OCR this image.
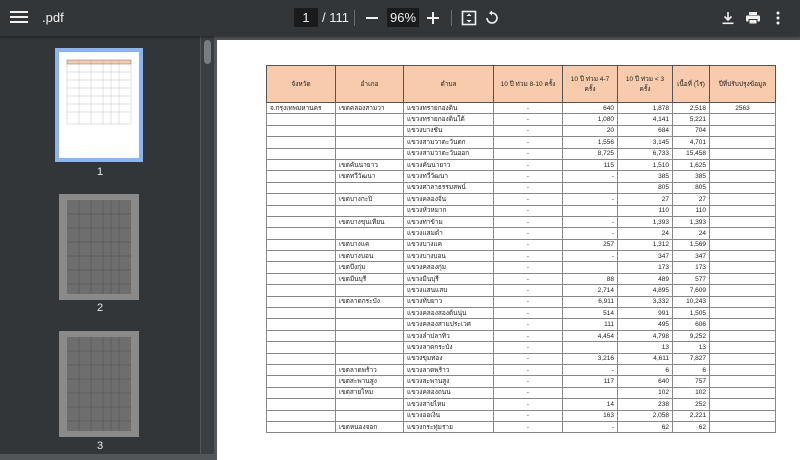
.pdf
1	/ 111
96%
1
2
3
จังหวัด	อำเภอ	ตำบล	10 ปี ท่วม 8-10 ครั้ง	10 ปี ท่วม 4-7 ครั้ง	10 ปี ท่วม < 3 ครั้ง	เนื้อที่ (ไร่)	ปีที่ปรับปรุงข้อมูล
จ.กรุงเทพมหานคร	เขตคลองสามวา	แขวงทรายกองดิน	-	640	1,878	2,518	2563
		แขวงทรายกองดินใต้	-	1,080	4,141	5,221	
		แขวงบางชัน	-	20	684	704	
		แขวงสามวาตะวันตก	-	1,556	3,145	4,701	
		แขวงสามวาตะวันออก	-	8,725	6,733	15,458	
	เขตคันนายาว	แขวงคันนายาว	-	115	1,510	1,625	
	เขตทวีวัฒนา	แขวงทวีวัฒนา	-	-	385	385	
		แขวงศาลาธรรมสพน์	-		805	805	
	เขตบางกะปิ	แขวงคลองจั่น	-	-	27	27	
		แขวงหัวหมาก	-		110	110	
	เขตบางขุนเทียน	แขวงท่าข้าม	-	-	1,393	1,393	
		แขวงแสมดำ	-	-	24	24	
	เขตบางแค	แขวงบางแค	-	257	1,312	1,569	
	เขตบางบอน	แขวงบางบอน	-	-	347	347	
	เขตบึงกุ่ม	แขวงคลองกุ่ม	-		173	173	
	เขตมีนบุรี	แขวงมีนบุรี	-	88	489	577	
		แขวงแสนแสบ	-	2,714	4,895	7,609	
	เขตลาดกระบัง	แขวงทับยาว	-	6,911	3,332	10,243	
		แขวงคลองสองต้นนุ่น	-	514	991	1,505	
		แขวงคลองสามประเวศ	-	111	495	606	
		แขวงลำปลาทิว	-	4,454	4,798	9,252	
		แขวงลาดกระบัง	-		13	13	
		แขวงขุมทอง	-	3,216	4,611	7,827	
	เขตลาดพร้าว	แขวงลาดพร้าว	-	-	6	6	
	เขตสะพานสูง	แขวงสะพานสูง	-	117	640	757	
	เขตสายไหม	แขวงคลองถนน	-		102	102	
		แขวงสายไหม	-	14	238	252	
		แขวงออเงิน	-	163	2,058	2,221	
	เขตหนองจอก	แขวงกระทุ่มราย	-	-	62	62	
